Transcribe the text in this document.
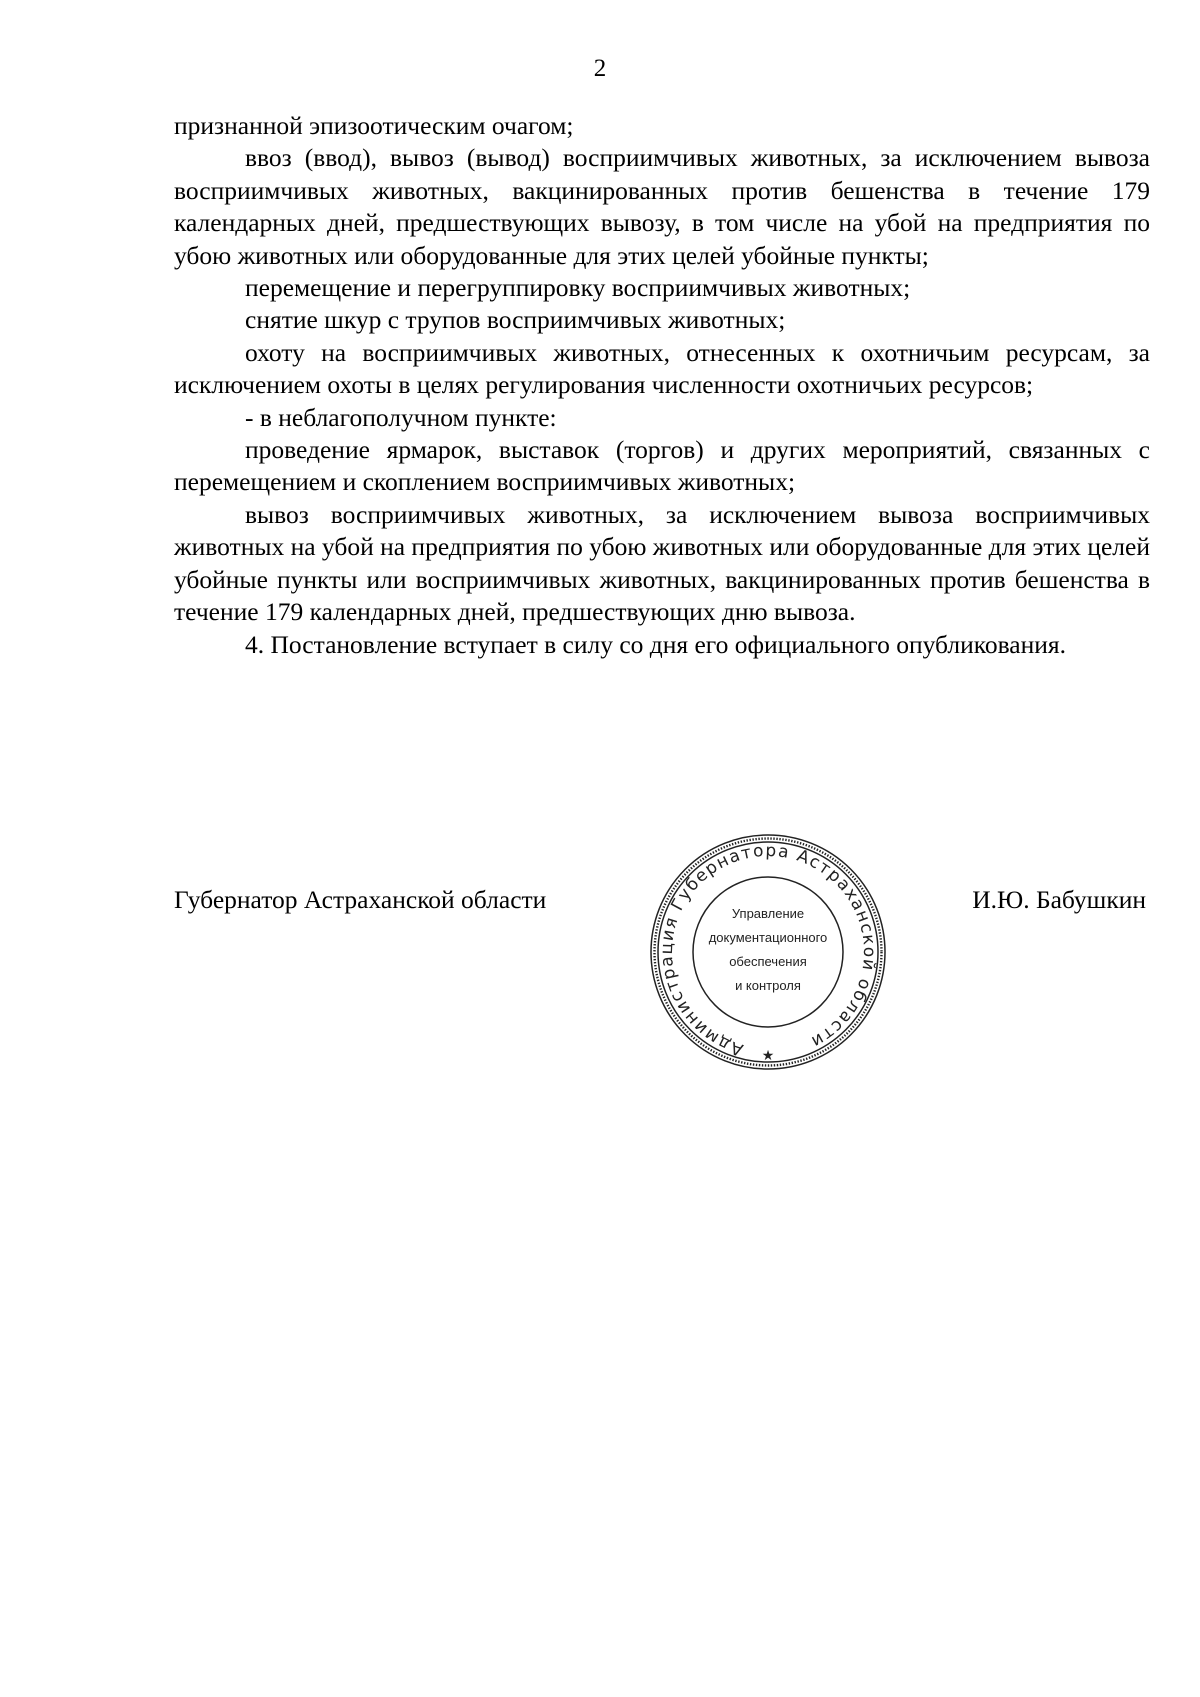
2

признанной эпизоотическим очагом;

ввоз (ввод), вывоз (вывод) восприимчивых животных, за исключением вывоза восприимчивых животных, вакцинированных против бешенства в течение 179 календарных дней, предшествующих вывозу, в том числе на убой на предприятия по убою животных или оборудованные для этих целей убойные пункты;

перемещение и перегруппировку восприимчивых животных;

снятие шкур с трупов восприимчивых животных;

охоту на восприимчивых животных, отнесенных к охотничьим ресурсам, за исключением охоты в целях регулирования численности охотничьих ресурсов;

- в неблагополучном пункте:

проведение ярмарок, выставок (торгов) и других мероприятий, связанных с перемещением и скоплением восприимчивых животных;

вывоз восприимчивых животных, за исключением вывоза восприимчивых животных на убой на предприятия по убою животных или оборудованные для этих целей убойные пункты или восприимчивых животных, вакцинированных против бешенства в течение 179 календарных дней, предшествующих дню вывоза.

4. Постановление вступает в силу со дня его официального опубликования.

Губернатор Астраханской области	И.Ю. Бабушкин
Администрация Губернатора Астраханской области
★
Управление
документационного
обеспечения
и контроля
